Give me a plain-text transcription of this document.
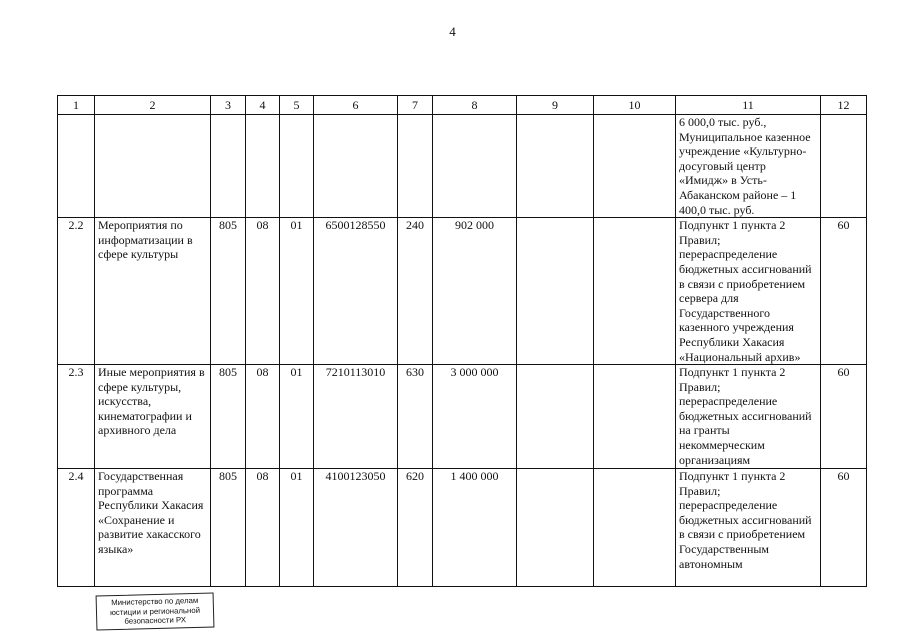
4
1	2	3	4	5	6	7	8	9	10	11	12
										6 000,0 тыс. руб., Муниципальное казенное учреждение «Культурно-досуговый центр «Имидж» в Усть-Абаканском районе – 1 400,0 тыс. руб.	
2.2	Мероприятия по информатизации в сфере культуры	805	08	01	6500128550	240	902 000			Подпункт 1 пункта 2 Правил; перераспределение бюджетных ассигнований в связи с приобретением сервера для Государственного казенного учреждения Республики Хакасия «Национальный архив»	60
2.3	Иные мероприятия в сфере культуры, искусства, кинематографии и архивного дела	805	08	01	7210113010	630	3 000 000			Подпункт 1 пункта 2 Правил; перераспределение бюджетных ассигнований на гранты некоммерческим организациям	60
2.4	Государственная программа Республики Хакасия «Сохранение и развитие хакасского языка»	805	08	01	4100123050	620	1 400 000			Подпункт 1 пункта 2 Правил; перераспределение бюджетных ассигнований в связи с приобретением Государственным автономным	60
Министерство по делам юстиции и региональной безопасности РХ
